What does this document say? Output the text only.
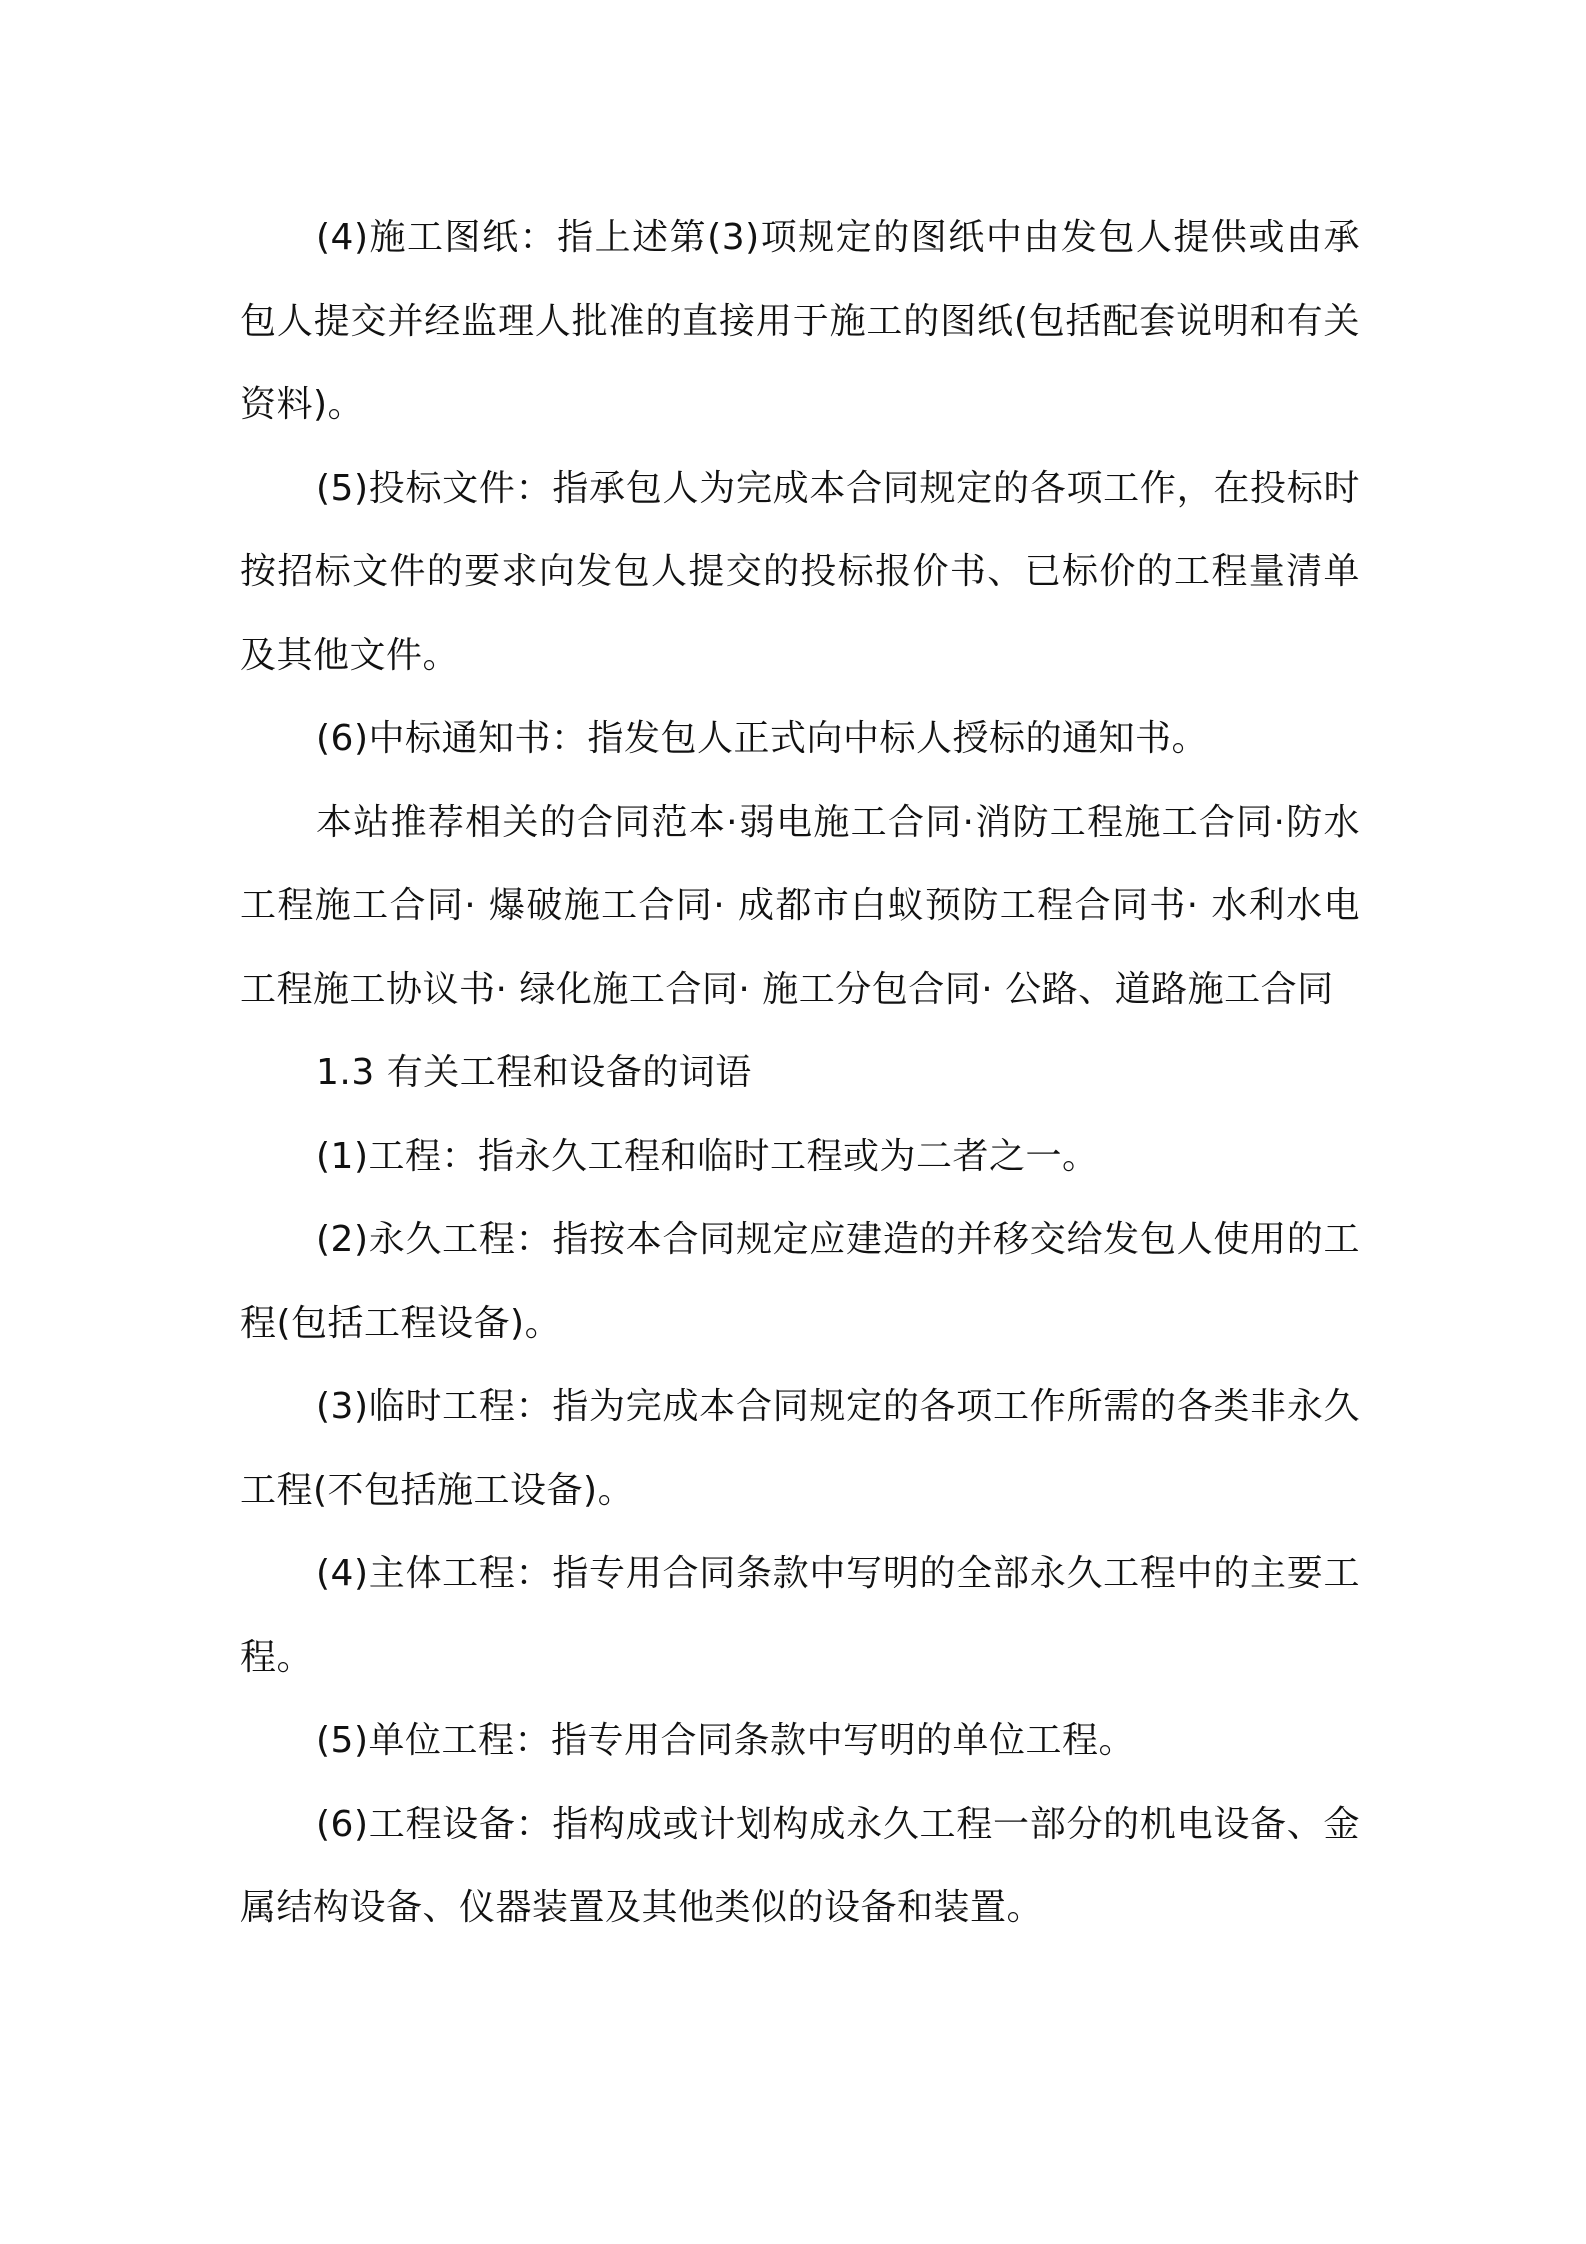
(4)施工图纸：指上述第(3)项规定的图纸中由发包人提供或由承包人提交并经监理人批准的直接用于施工的图纸(包括配套说明和有关资料)。

(5)投标文件：指承包人为完成本合同规定的各项工作，在投标时按招标文件的要求向发包人提交的投标报价书、已标价的工程量清单及其他文件。

(6)中标通知书：指发包人正式向中标人授标的通知书。

本站推荐相关的合同范本·弱电施工合同·消防工程施工合同·防水工程施工合同· 爆破施工合同· 成都市白蚁预防工程合同书· 水利水电工程施工协议书· 绿化施工合同· 施工分包合同· 公路、道路施工合同

1.3 有关工程和设备的词语

(1)工程：指永久工程和临时工程或为二者之一。

(2)永久工程：指按本合同规定应建造的并移交给发包人使用的工程(包括工程设备)。

(3)临时工程：指为完成本合同规定的各项工作所需的各类非永久工程(不包括施工设备)。

(4)主体工程：指专用合同条款中写明的全部永久工程中的主要工程。

(5)单位工程：指专用合同条款中写明的单位工程。

(6)工程设备：指构成或计划构成永久工程一部分的机电设备、金属结构设备、仪器装置及其他类似的设备和装置。
